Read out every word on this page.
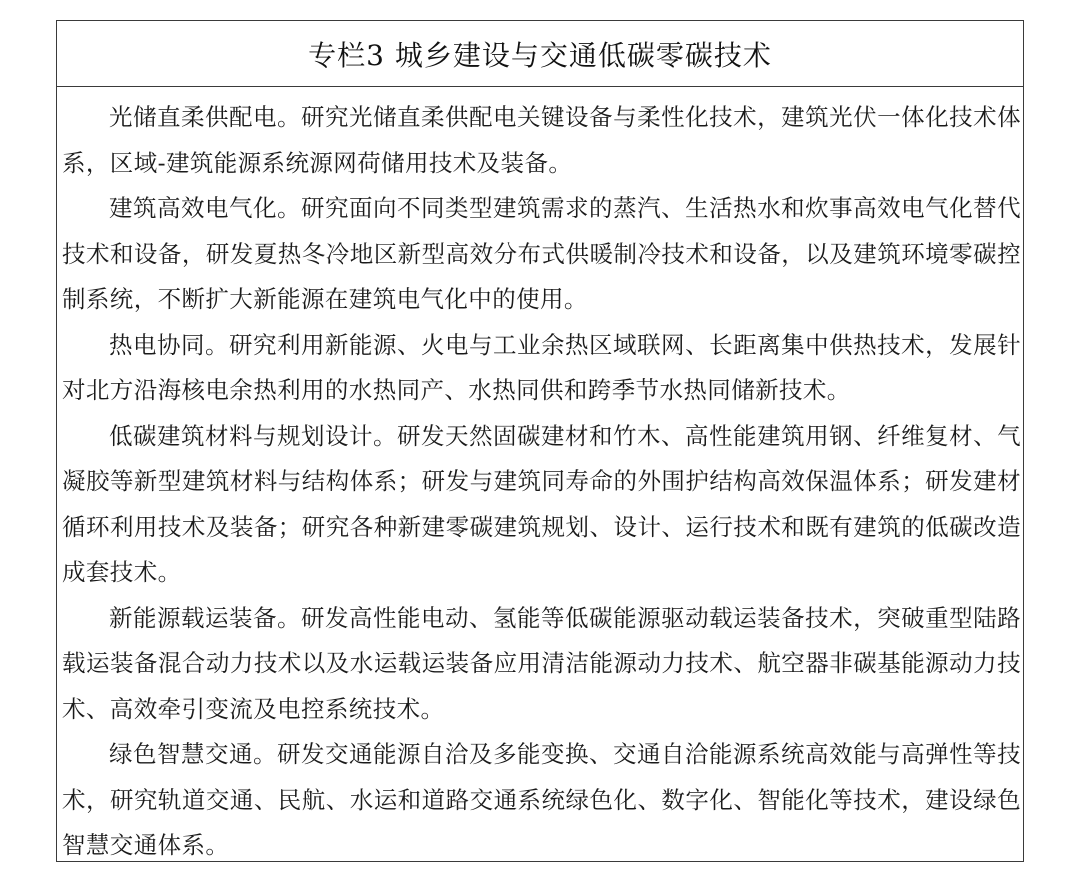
专栏3 城乡建设与交通低碳零碳技术

光储直柔供配电。研究光储直柔供配电关键设备与柔性化技术，建筑光伏一体化技术体系，区域-建筑能源系统源网荷储用技术及装备。

建筑高效电气化。研究面向不同类型建筑需求的蒸汽、生活热水和炊事高效电气化替代技术和设备，研发夏热冬冷地区新型高效分布式供暖制冷技术和设备，以及建筑环境零碳控制系统，不断扩大新能源在建筑电气化中的使用。

热电协同。研究利用新能源、火电与工业余热区域联网、长距离集中供热技术，发展针对北方沿海核电余热利用的水热同产、水热同供和跨季节水热同储新技术。

低碳建筑材料与规划设计。研发天然固碳建材和竹木、高性能建筑用钢、纤维复材、气凝胶等新型建筑材料与结构体系；研发与建筑同寿命的外围护结构高效保温体系；研发建材循环利用技术及装备；研究各种新建零碳建筑规划、设计、运行技术和既有建筑的低碳改造成套技术。

新能源载运装备。研发高性能电动、氢能等低碳能源驱动载运装备技术，突破重型陆路载运装备混合动力技术以及水运载运装备应用清洁能源动力技术、航空器非碳基能源动力技术、高效牵引变流及电控系统技术。

绿色智慧交通。研发交通能源自洽及多能变换、交通自洽能源系统高效能与高弹性等技术，研究轨道交通、民航、水运和道路交通系统绿色化、数字化、智能化等技术，建设绿色智慧交通体系。
